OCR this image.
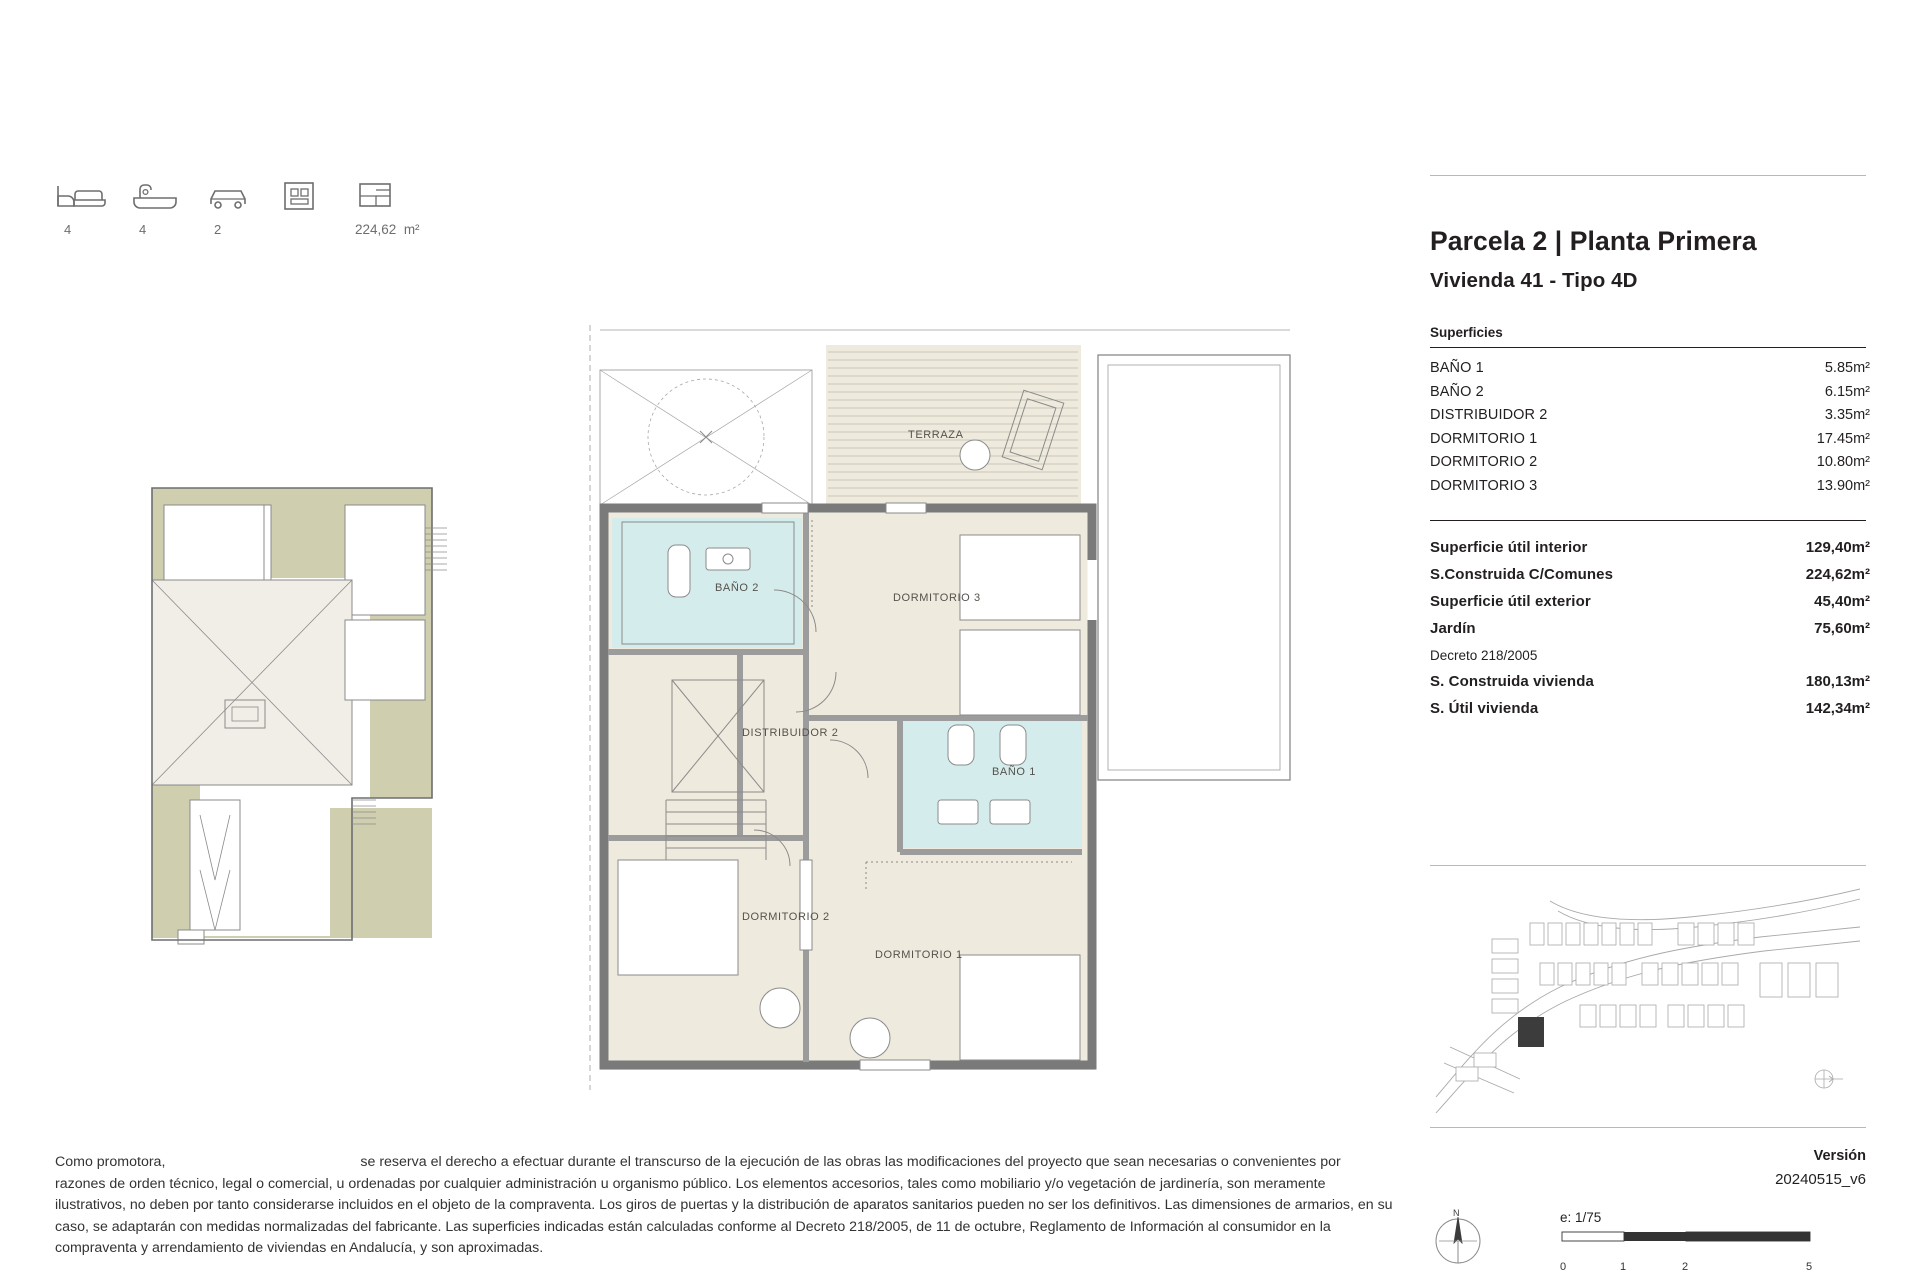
4	4	2	224,62 m²
TERRAZA
BAÑO 2
DORMITORIO 3
DISTRIBUIDOR 2
BAÑO 1
DORMITORIO 2
DORMITORIO 1
Parcela 2 | Planta Primera
Vivienda 41 - Tipo 4D
Superficies
BAÑO 1	5.85m²
BAÑO 2	6.15m²
DISTRIBUIDOR 2	3.35m²
DORMITORIO 1	17.45m²
DORMITORIO 2	10.80m²
DORMITORIO 3	13.90m²
Superficie útil interior	129,40m²
S.Construida C/Comunes	224,62m²
Superficie útil exterior	45,40m²
Jardín	75,60m²
Decreto 218/2005
S. Construida vivienda	180,13m²
S. Útil vivienda	142,34m²
Versión
20240515_v6
N	e: 1/75
0	1	2	5
Como promotora,	se reserva el derecho a efectuar durante el transcurso de la ejecución de las obras las modificaciones del proyecto que sean necesarias o convenientes por razones de orden técnico, legal o comercial, u ordenadas por cualquier administración u organismo público. Los elementos accesorios, tales como mobiliario y/o vegetación de jardinería, son meramente ilustrativos, no deben por tanto considerarse incluidos en el objeto de la compraventa. Los giros de puertas y la distribución de aparatos sanitarios pueden no ser los definitivos. Las dimensiones de armarios, en su caso, se adaptarán con medidas normalizadas del fabricante. Las superficies indicadas están calculadas conforme al Decreto 218/2005, de 11 de octubre, Reglamento de Información al consumidor en la compraventa y arrendamiento de viviendas en Andalucía, y son aproximadas.
